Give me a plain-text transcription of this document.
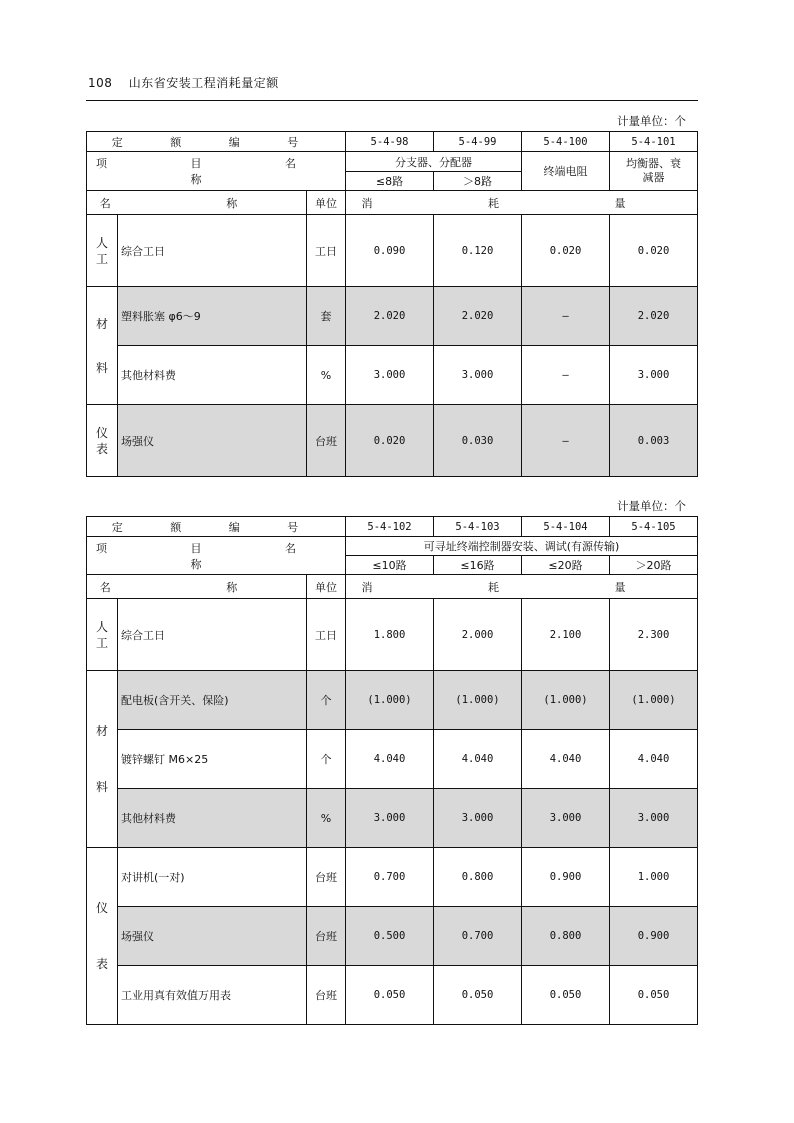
108 山东省安装工程消耗量定额
计量单位：个
定 额 编 号			5-4-98	5-4-99	5-4-100	5-4-101
项 目 名 称			分支器、分配器		终端电阻	均衡器、衰减器

			≤8路	＞8路		
名 称		单位	消 耗 量			
人工	综合工日	工日	0.090	0.120	0.020	0.020
材料	塑料胀塞 φ6～9	套	2.020	2.020	—	2.020
	其他材料费	%	3.000	3.000	—	3.000
仪表	场强仪	台班	0.020	0.030	—	0.003
计量单位：个
定 额 编 号			5-4-102	5-4-103	5-4-104	5-4-105
项 目 名 称			可寻址终端控制器安装、调试(有源传输)			
			≤10路	≤16路	≤20路	＞20路
名 称		单位	消 耗 量			
人工	综合工日	工日	1.800	2.000	2.100	2.300
材料	配电板(含开关、保险)	个	(1.000)	(1.000)	(1.000)	(1.000)
	镀锌螺钉 M6×25	个	4.040	4.040	4.040	4.040
	其他材料费	%	3.000	3.000	3.000	3.000
仪表	对讲机(一对)	台班	0.700	0.800	0.900	1.000
	场强仪	台班	0.500	0.700	0.800	0.900
	工业用真有效值万用表	台班	0.050	0.050	0.050	0.050
